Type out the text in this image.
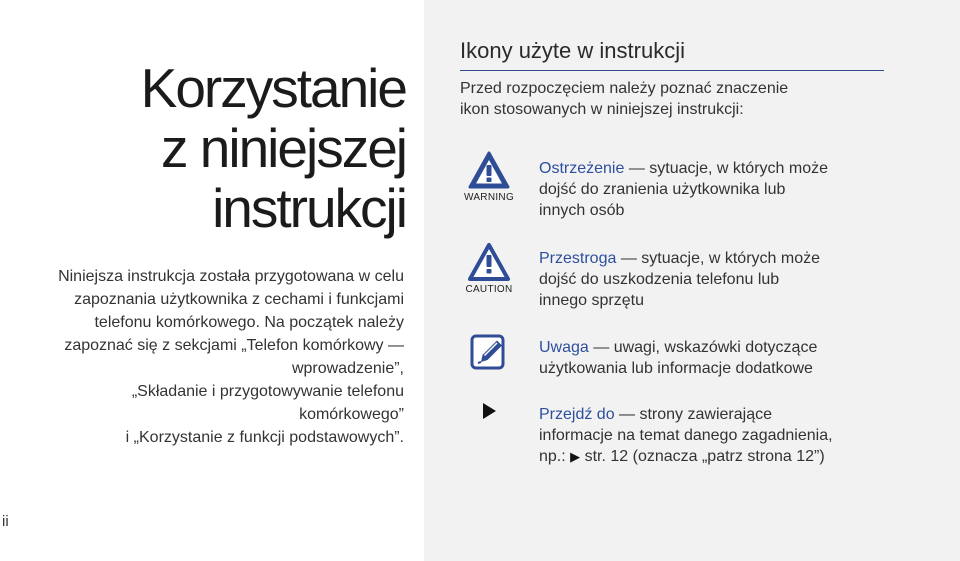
Korzystanie
z niniejszej
instrukcji

Niniejsza instrukcja została przygotowana w celu
zapoznania użytkownika z cechami i funkcjami
telefonu komórkowego. Na początek należy
zapoznać się z sekcjami „Telefon komórkowy —
wprowadzenie”,
„Składanie i przygotowywanie telefonu
komórkowego”
i „Korzystanie z funkcji podstawowych”.

ii
Ikony użyte w instrukcji

Przed rozpoczęciem należy poznać znaczenie
ikon stosowanych w niniejszej instrukcji:

WARNING
CAUTION

Ostrzeżenie — sytuacje, w których może
dojść do zranienia użytkownika lub
innych osób

Przestroga — sytuacje, w których może
dojść do uszkodzenia telefonu lub
innego sprzętu

Uwaga — uwagi, wskazówki dotyczące
użytkowania lub informacje dodatkowe

Przejdź do — strony zawierające
informacje na temat danego zagadnienia,
np.: ▶ str. 12 (oznacza „patrz strona 12”)
